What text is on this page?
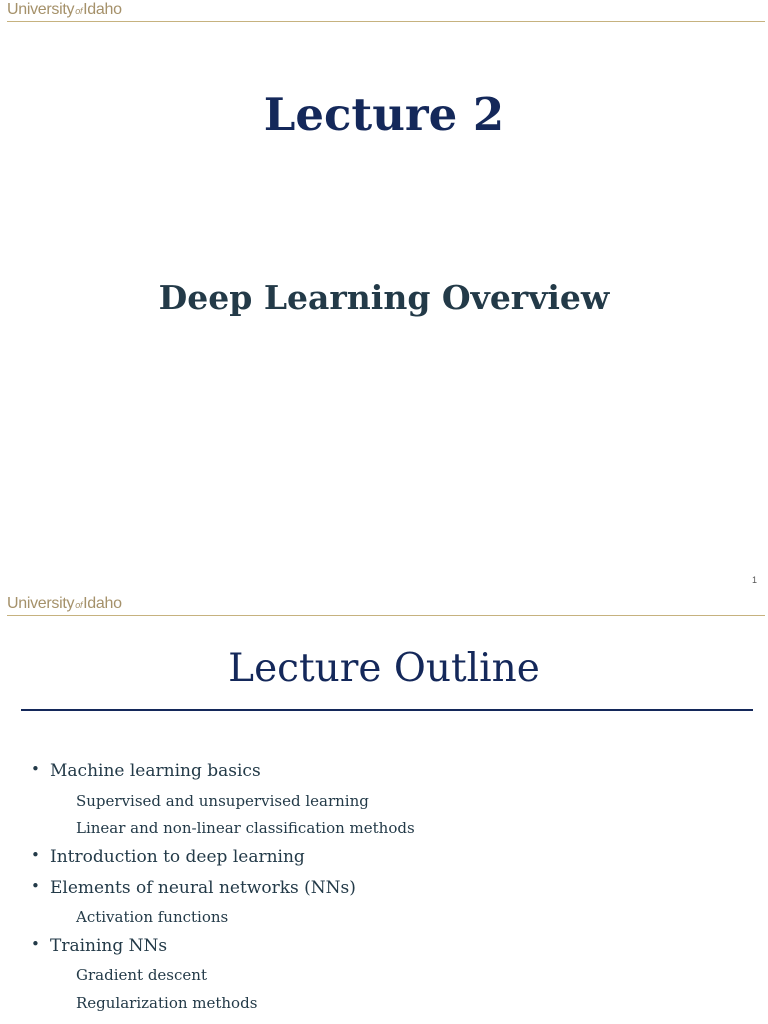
UniversityofIdaho
Lecture 2
Deep Learning Overview
1
UniversityofIdaho
Lecture Outline
• Machine learning basics
Supervised and unsupervised learning
Linear and non-linear classification methods
• Introduction to deep learning
• Elements of neural networks (NNs)
Activation functions
• Training NNs
Gradient descent
Regularization methods
